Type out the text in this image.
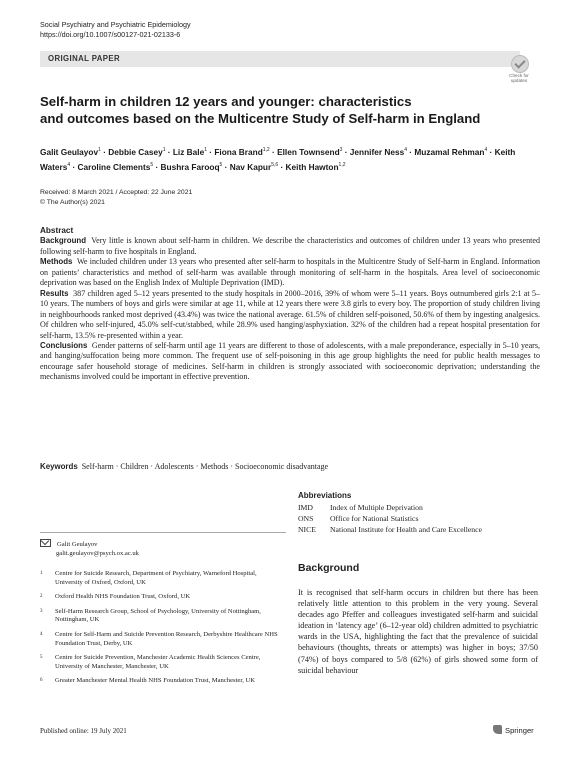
Social Psychiatry and Psychiatric Epidemiology
https://doi.org/10.1007/s00127-021-02133-6
ORIGINAL PAPER
Check for updates
Self-harm in children 12 years and younger: characteristics
and outcomes based on the Multicentre Study of Self-harm in England
Galit Geulayov$^1$ · Debbie Casey$^1$ · Liz Bale$^1$ · Fiona Brand$^{1,2}$ · Ellen Townsend$^3$ · Jennifer Ness$^4$ · Muzamal Rehman$^4$ · Keith Waters$^4$ · Caroline Clements$^5$ · Bushra Farooq$^5$ · Nav Kapur$^{5,6}$ · Keith Hawton$^{1,2}$
Received: 8 March 2021 / Accepted: 22 June 2021
© The Author(s) 2021
Abstract

Background Very little is known about self-harm in children. We describe the characteristics and outcomes of children under 13 years who presented following self-harm to five hospitals in England.

Methods We included children under 13 years who presented after self-harm to hospitals in the Multicentre Study of Self-harm in England. Information on patients’ characteristics and method of self-harm was available through monitoring of self-harm in the hospitals. Area level of socioeconomic deprivation was based on the English Index of Multiple Deprivation (IMD).

Results 387 children aged 5–12 years presented to the study hospitals in 2000–2016, 39% of whom were 5–11 years. Boys outnumbered girls 2:1 at 5–10 years. The numbers of boys and girls were similar at age 11, while at 12 years there were 3.8 girls to every boy. The proportion of study children living in neighbourhoods ranked most deprived (43.4%) was twice the national average. 61.5% of children self-poisoned, 50.6% of them by ingesting analgesics. Of children who self-injured, 45.0% self-cut/stabbed, while 28.9% used hanging/asphyxiation. 32% of the children had a repeat hospital presentation for self-harm, 13.5% re-presented within a year.

Conclusions Gender patterns of self-harm until age 11 years are different to those of adolescents, with a male preponderance, especially in 5–10 years, and hanging/suffocation being more common. The frequent use of self-poisoning in this age group highlights the need for public health messages to encourage safer household storage of medicines. Self-harm in children is strongly associated with socioeconomic deprivation; understanding the mechanisms involved could be important in effective prevention.

Keywords Self-harm · Children · Adolescents · Methods · Socioeconomic disadvantage
Abbreviations
IMD Index of Multiple Deprivation
ONS Office for National Statistics
NICE National Institute for Health and Care Excellence
Galit Geulayov
galit.geulayov@psych.ox.ac.uk
1 Centre for Suicide Research, Department of Psychiatry, Warneford Hospital, University of Oxford, Oxford, UK
2 Oxford Health NHS Foundation Trust, Oxford, UK
3 Self-Harm Research Group, School of Psychology, University of Nottingham, Nottingham, UK
4 Centre for Self-Harm and Suicide Prevention Research, Derbyshire Healthcare NHS Foundation Trust, Derby, UK
5 Centre for Suicide Prevention, Manchester Academic Health Sciences Centre, University of Manchester, Manchester, UK
6 Greater Manchester Mental Health NHS Foundation Trust, Manchester, UK
Background
It is recognised that self-harm occurs in children but there has been relatively little attention to this problem in the very young. Several decades ago Pfeffer and colleagues investigated self-harm and suicidal ideation in ‘latency age’ (6–12-year old) children admitted to psychiatric wards in the USA, highlighting the fact that the prevalence of suicidal behaviours (thoughts, threats or attempts) was higher in boys; 37/50 (74%) of boys compared to 5/8 (62%) of girls showed some form of suicidal behaviour
Published online: 19 July 2021	Springer
